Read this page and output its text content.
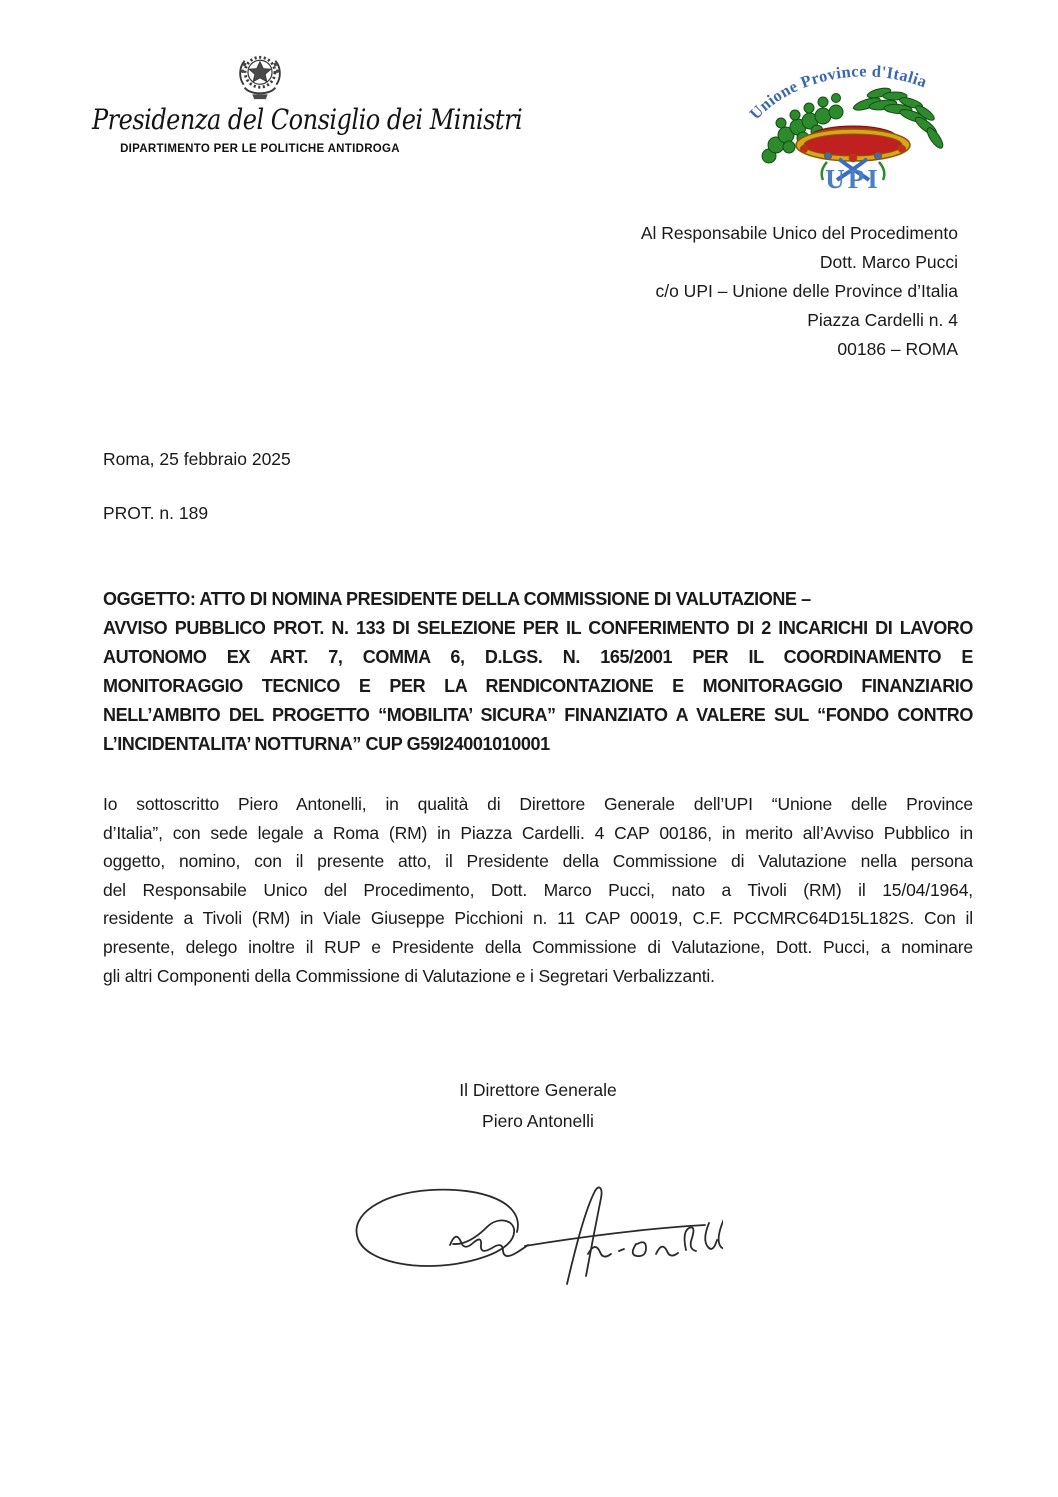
Presidenza del Consiglio dei Ministri
DIPARTIMENTO PER LE POLITICHE ANTIDROGA
Unione Province d'Italia
UPI
Al Responsabile Unico del Procedimento
Dott. Marco Pucci
c/o UPI – Unione delle Province d’Italia
Piazza Cardelli n. 4
00186 – ROMA
Roma, 25 febbraio 2025
PROT. n. 189
OGGETTO: ATTO DI NOMINA PRESIDENTE DELLA COMMISSIONE DI VALUTAZIONE –
AVVISO PUBBLICO PROT. N. 133 DI SELEZIONE PER IL CONFERIMENTO DI 2 INCARICHI DI LAVORO
AUTONOMO EX ART. 7, COMMA 6, D.LGS. N. 165/2001 PER IL COORDINAMENTO E
MONITORAGGIO TECNICO E PER LA RENDICONTAZIONE E MONITORAGGIO FINANZIARIO
NELL’AMBITO DEL PROGETTO “MOBILITA’ SICURA” FINANZIATO A VALERE SUL “FONDO CONTRO
L’INCIDENTALITA’ NOTTURNA” CUP G59I24001010001
Io sottoscritto Piero Antonelli, in qualità di Direttore Generale dell’UPI “Unione delle Province
d’Italia”, con sede legale a Roma (RM) in Piazza Cardelli. 4 CAP 00186, in merito all’Avviso Pubblico in
oggetto, nomino, con il presente atto, il Presidente della Commissione di Valutazione nella persona
del Responsabile Unico del Procedimento, Dott. Marco Pucci, nato a Tivoli (RM) il 15/04/1964,
residente a Tivoli (RM) in Viale Giuseppe Picchioni n. 11 CAP 00019, C.F. PCCMRC64D15L182S. Con il
presente, delego inoltre il RUP e Presidente della Commissione di Valutazione, Dott. Pucci, a nominare
gli altri Componenti della Commissione di Valutazione e i Segretari Verbalizzanti.
Il Direttore Generale
Piero Antonelli
